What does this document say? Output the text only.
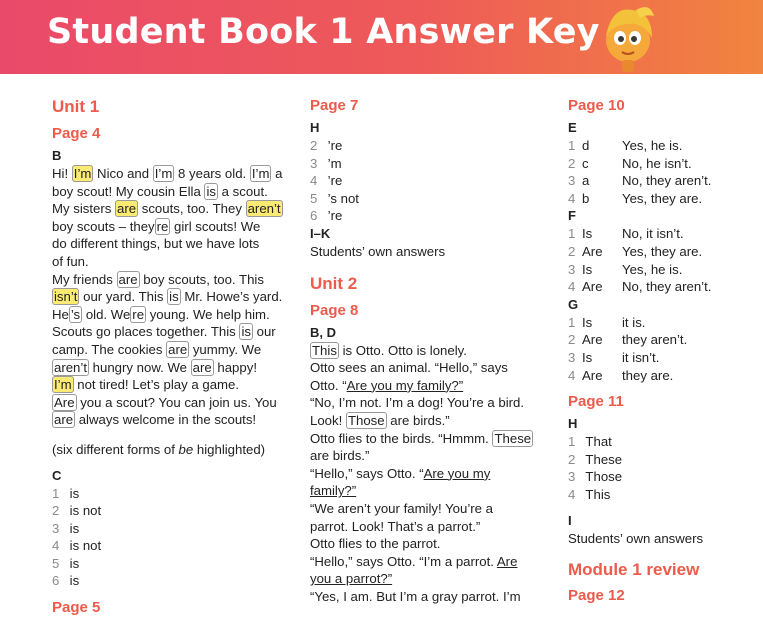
Student Book 1 Answer Key
Unit 1
Page 4
B
Hi! I’m Nico and I’m 8 years old. I’m a
boy scout! My cousin Ella is a scout.
My sisters are scouts, too. They aren’t
boy scouts – they re girl scouts! We
do different things, but we have lots
of fun.
My friends are boy scouts, too. This
isn’t our yard. This is Mr. Howe’s yard.
He ’s old. We re young. We help him.
Scouts go places together. This is our
camp. The cookies are yummy. We
aren’t hungry now. We are happy!
I’m not tired! Let’s play a game.
Are you a scout? You can join us. You
are always welcome in the scouts!
(six different forms of be highlighted)
C
1 is
2 is not
3 is
4 is not
5 is
6 is
Page 5
Page 7
H
2 ’re
3 ’m
4 ’re
5 ’s not
6 ’re
I–K
Students’ own answers
Unit 2
Page 8
B, D
This is Otto. Otto is lonely.
Otto sees an animal. “Hello,” says
Otto. “Are you my family?”
“No, I’m not. I’m a dog! You’re a bird.
Look! Those are birds.”
Otto flies to the birds. “Hmmm. These
are birds.”
“Hello,” says Otto. “Are you my
family?”
“We aren’t your family! You’re a
parrot. Look! That’s a parrot.”
Otto flies to the parrot.
“Hello,” says Otto. “I’m a parrot. Are
you a parrot?”
“Yes, I am. But I’m a gray parrot. I’m
Page 10
E
1 d Yes, he is.
2 c	No, he isn’t.
3 a No, they aren’t.
4 b Yes, they are.
F
1 Is No, it isn’t.
2 Are Yes, they are.
3 Is Yes, he is.
4 Are No, they aren’t.
G
1 Is it is.
2 Are they aren’t.
3 Is it isn’t.
4 Are they are.
Page 11
H
1 That
2 These
3 Those
4 This
I
Students’ own answers
Module 1 review
Page 12
